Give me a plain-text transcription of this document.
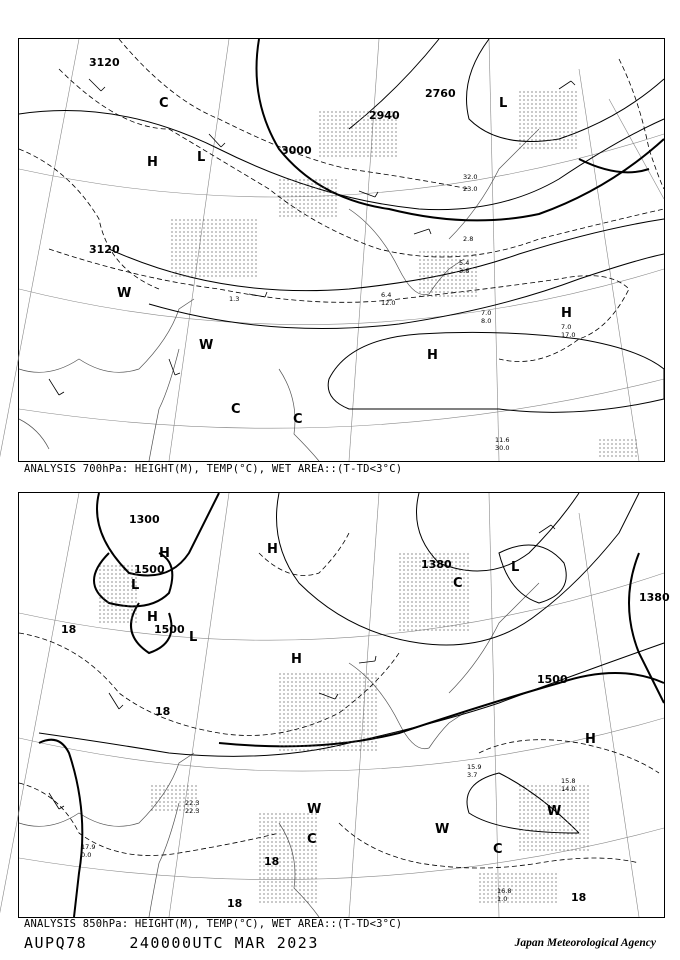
3120
3000
2760
2940
3120
H	L
H
H
C
C
W
W
C	L
11.6
30.0
7.0
8.0
7.0
17.0
12.0
6.4
5.4
3.8
2.8
1.3
23.0
32.0
ANALYSIS 700hPa: HEIGHT(M), TEMP(°C), WET AREA::(T-TD<3°C)
1300
1500
1500
1380
1500
1380
H
L
H
L
H
H
C
L
W
C
C
H
W
W
18
18
18
18	18
15.9
3.7
15.8
14.0
16.8
1.0
22.3
22.3
17.9
0.0
ANALYSIS 850hPa: HEIGHT(M), TEMP(°C), WET AREA::(T-TD<3°C)
AUPQ78	240000UTC MAR 2023	Japan Meteorological Agency
